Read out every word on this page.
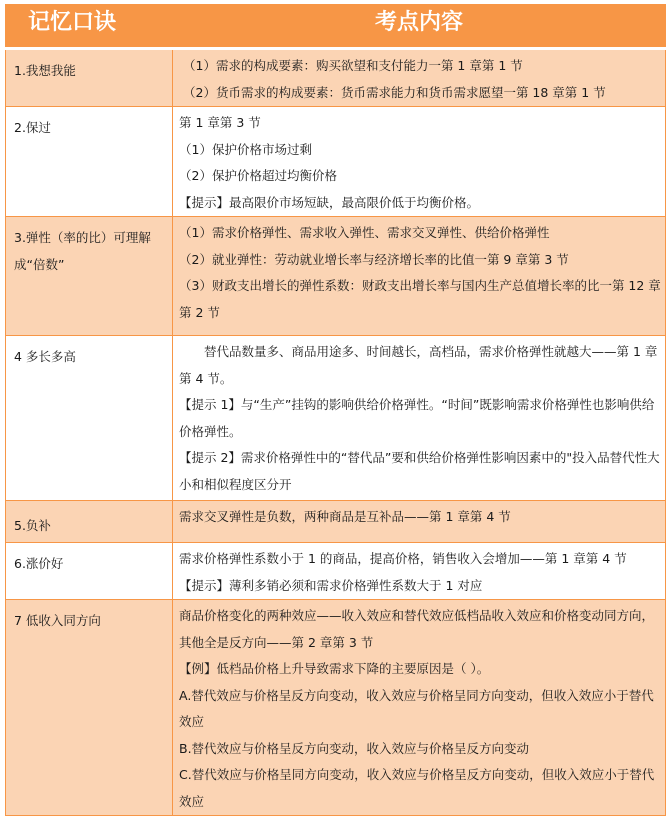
记忆口诀	考点内容
1.我想我能	（1）需求的构成要素：购买欲望和支付能力一第 1 章第 1 节

（2）货币需求的构成要素：货币需求能力和货币需求愿望一第 18 章第 1 节

2.保过	第 1 章第 3 节

（1）保护价格市场过剩

（2）保护价格超过均衡价格

【提示】最高限价市场短缺，最高限价低于均衡价格。

3.弹性（率的比）可理解成“倍数”	（1）需求价格弹性、需求收入弹性、需求交叉弹性、供给价格弹性

（2）就业弹性：劳动就业增长率与经济增长率的比值一第 9 章第 3 节

（3）财政支出增长的弹性系数：财政支出增长率与国内生产总值增长率的比一第 12 章第 2 节

4 多长多高	替代品数量多、商品用途多、时间越长，高档品，需求价格弹性就越大——第 1 章第 4 节。

【提示 1】与“生产”挂钩的影响供给价格弹性。“时间”既影响需求价格弹性也影响供给价格弹性。

【提示 2】需求价格弹性中的“替代品”要和供给价格弹性影响因素中的"投入品替代性大小和相似程度区分开

5.负补	需求交叉弹性是负数，两种商品是互补品——第 1 章第 4 节

6.涨价好	需求价格弹性系数小于 1 的商品，提高价格，销售收入会增加——第 1 章第 4 节

【提示】薄利多销必须和需求价格弹性系数大于 1 对应

7 低收入同方向	商品价格变化的两种效应——收入效应和替代效应低档品收入效应和价格变动同方向，其他全是反方向——第 2 章第 3 节

【例】低档品价格上升导致需求下降的主要原因是（ ）。

A.替代效应与价格呈反方向变动，收入效应与价格呈同方向变动，但收入效应小于替代效应

B.替代效应与价格呈反方向变动，收入效应与价格呈反方向变动

C.替代效应与价格呈同方向变动，收入效应与价格呈反方向变动，但收入效应小于替代效应
